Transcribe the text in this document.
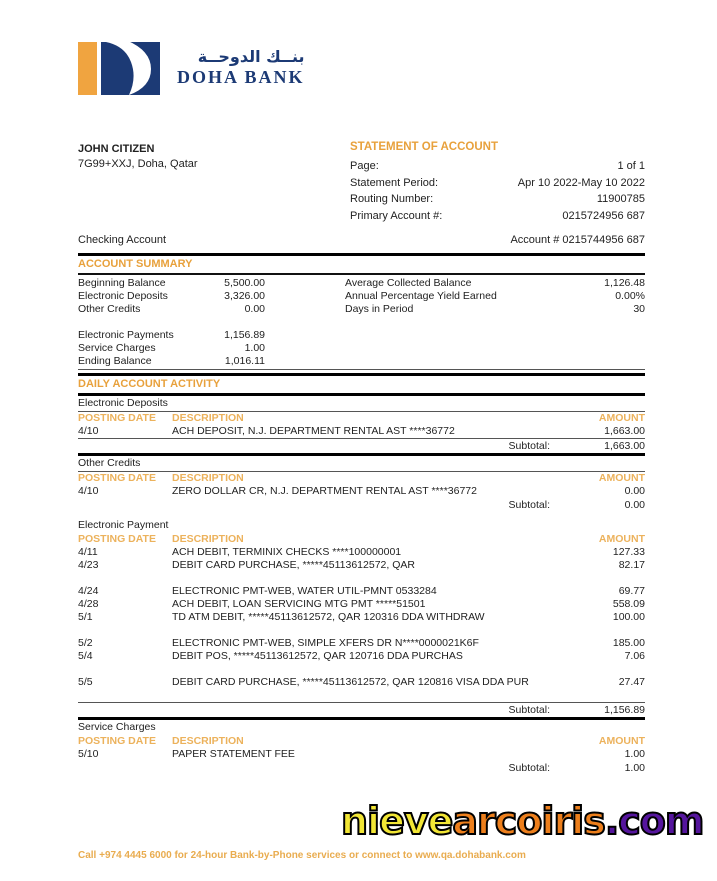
بنــك الدوحــة
DOHA BANK
JOHN CITIZEN
7G99+XXJ, Doha, Qatar
STATEMENT OF ACCOUNT
Page:	1 of 1
Statement Period:	Apr 10 2022-May 10 2022
Routing Number:	11900785
Primary Account #:	0215724956 687
Checking Account	Account # 0215744956 687
ACCOUNT SUMMARY
Beginning Balance	5,500.00
Electronic Deposits	3,326.00
Other Credits	0.00
Electronic Payments	1,156.89
Service Charges	1.00
Ending Balance	1,016.11
Average Collected Balance	1,126.48
Annual Percentage Yield Earned	0.00%
Days in Period	30
DAILY ACCOUNT ACTIVITY
Electronic Deposits
POSTING DATE	DESCRIPTION	AMOUNT
4/10	ACH DEPOSIT, N.J. DEPARTMENT RENTAL AST ****36772	1,663.00
Subtotal:	1,663.00
Other Credits
POSTING DATE	DESCRIPTION	AMOUNT
4/10	ZERO DOLLAR CR, N.J. DEPARTMENT RENTAL AST ****36772	0.00
Subtotal:	0.00
Electronic Payment
POSTING DATE	DESCRIPTION	AMOUNT
4/11	ACH DEBIT, TERMINIX CHECKS ****100000001	127.33
4/23	DEBIT CARD PURCHASE, *****45113612572, QAR	82.17
4/24	ELECTRONIC PMT-WEB, WATER UTIL-PMNT 0533284	69.77
4/28	ACH DEBIT, LOAN SERVICING MTG PMT *****51501	558.09
5/1	TD ATM DEBIT, *****45113612572, QAR 120316 DDA WITHDRAW	100.00
5/2	ELECTRONIC PMT-WEB, SIMPLE XFERS DR N****0000021K6F	185.00
5/4	DEBIT POS, *****45113612572, QAR 120716 DDA PURCHAS	7.06
5/5	DEBIT CARD PURCHASE, *****45113612572, QAR 120816 VISA DDA PUR	27.47
Subtotal:	1,156.89
Service Charges
POSTING DATE	DESCRIPTION	AMOUNT
5/10	PAPER STATEMENT FEE	1.00
Subtotal:	1.00
nievearcoiris.com
Call +974 4445 6000 for 24-hour Bank-by-Phone services or connect to www.qa.dohabank.com
